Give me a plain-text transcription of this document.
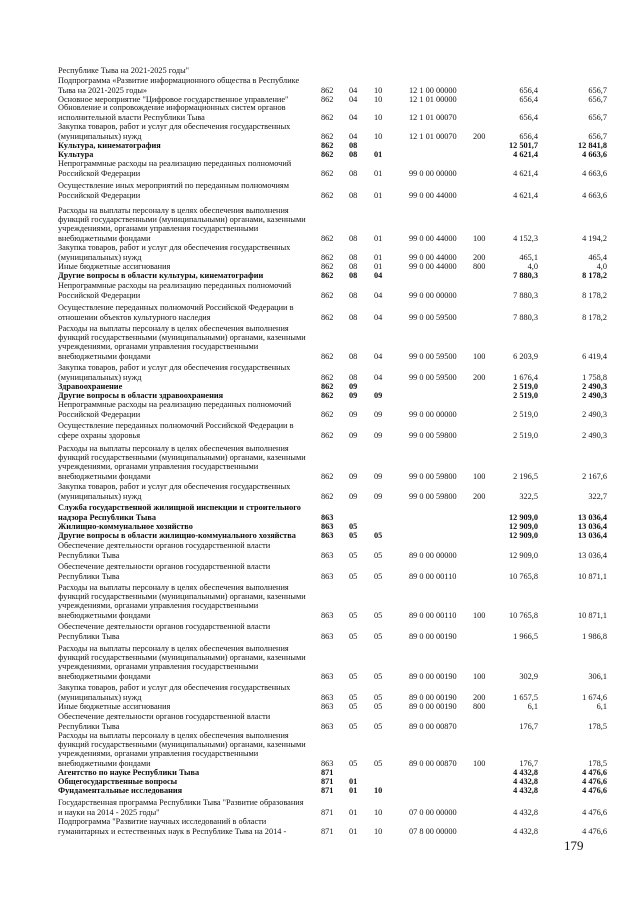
Республике Тыва на 2021-2025 годы"
Подпрограмма «Развитие информационного общества в Республике Тыва на 2021-2025 годы»	862 04 10	12 1 00 00000	656,4	656,7
Основное мероприятие "Цифровое государственное управление"	862 04 10	12 1 01 00000	656,4	656,7
Обновление и сопровождение информационных систем органов исполнительной власти Республики Тыва	862 04 10	12 1 01 00070	656,4	656,7
Закупка товаров, работ и услуг для обеспечения государственных (муниципальных) нужд	862 04 10	12 1 01 00070 200	656,4	656,7
Культура, кинематография	862 08	12 501,7	12 841,8
Культура	862 08 01	4 621,4	4 663,6
Непрограммные расходы на реализацию переданных полномочий Российской Федерации	862 08 01	99 0 00 00000	4 621,4	4 663,6
Осуществление иных мероприятий по переданным полномочиям Российской Федерации	862 08 01	99 0 00 44000	4 621,4	4 663,6
Расходы на выплаты персоналу в целях обеспечения выполнения функций государственными (муниципальными) органами, казенными учреждениями, органами управления государственными внебюджетными фондами	862 08 01	99 0 00 44000 100	4 152,3	4 194,2
Закупка товаров, работ и услуг для обеспечения государственных (муниципальных) нужд	862 08 01	99 0 00 44000 200	465,1	465,4
Иные бюджетные ассигнования	862 08 01	99 0 00 44000 800	4,0	4,0
Другие вопросы в области культуры, кинематографии	862 08 04	7 880,3	8 178,2
Непрограммные расходы на реализацию переданных полномочий Российской Федерации	862 08 04	99 0 00 00000	7 880,3	8 178,2
Осуществление переданных полномочий Российской Федерации в отношении объектов культурного наследия	862 08 04	99 0 00 59500	7 880,3	8 178,2
Расходы на выплаты персоналу в целях обеспечения выполнения функций государственными (муниципальными) органами, казенными учреждениями, органами управления государственными внебюджетными фондами	862 08 04	99 0 00 59500 100	6 203,9	6 419,4
Закупка товаров, работ и услуг для обеспечения государственных (муниципальных) нужд	862 08 04	99 0 00 59500 200	1 676,4	1 758,8
Здравоохранение	862 09	2 519,0	2 490,3
Другие вопросы в области здравоохранения	862 09 09	2 519,0	2 490,3
Непрограммные расходы на реализацию переданных полномочий Российской Федерации	862 09 09	99 0 00 00000	2 519,0	2 490,3
Осуществление переданных полномочий Российской Федерации в сфере охраны здоровья	862 09 09	99 0 00 59800	2 519,0	2 490,3
Расходы на выплаты персоналу в целях обеспечения выполнения функций государственными (муниципальными) органами, казенными учреждениями, органами управления государственными внебюджетными фондами	862 09 09	99 0 00 59800 100	2 196,5	2 167,6
Закупка товаров, работ и услуг для обеспечения государственных (муниципальных) нужд	862 09 09	99 0 00 59800 200	322,5	322,7
Служба государственной жилищной инспекции и строительного надзора Республики Тыва	863	12 909,0	13 036,4
Жилищно-коммунальное хозяйство	863 05	12 909,0	13 036,4
Другие вопросы в области жилищно-коммунального хозяйства	863 05 05	12 909,0	13 036,4
Обеспечение деятельности органов государственной власти Республики Тыва	863 05 05	89 0 00 00000	12 909,0	13 036,4
Обеспечение деятельности органов государственной власти Республики Тыва	863 05 05	89 0 00 00110	10 765,8	10 871,1
Расходы на выплаты персоналу в целях обеспечения выполнения функций государственными (муниципальными) органами, казенными учреждениями, органами управления государственными внебюджетными фондами	863 05 05	89 0 00 00110 100	10 765,8	10 871,1
Обеспечение деятельности органов государственной власти Республики Тыва	863 05 05	89 0 00 00190	1 966,5	1 986,8
Расходы на выплаты персоналу в целях обеспечения выполнения функций государственными (муниципальными) органами, казенными учреждениями, органами управления государственными внебюджетными фондами	863 05 05	89 0 00 00190 100	302,9	306,1
Закупка товаров, работ и услуг для обеспечения государственных (муниципальных) нужд	863 05 05	89 0 00 00190 200	1 657,5	1 674,6
Иные бюджетные ассигнования	863 05 05	89 0 00 00190 800	6,1	6,1
Обеспечение деятельности органов государственной власти Республики Тыва	863 05 05	89 0 00 00870	176,7	178,5
Расходы на выплаты персоналу в целях обеспечения выполнения функций государственными (муниципальными) органами, казенными учреждениями, органами управления государственными внебюджетными фондами	863 05 05	89 0 00 00870 100	176,7	178,5
Агентство по науке Республики Тыва	871	4 432,8	4 476,6
Общегосударственные вопросы	871 01	4 432,8	4 476,6
Фундаментальные исследования	871 01 10	4 432,8	4 476,6
Государственная программа Республики Тыва "Развитие образования и науки на 2014 - 2025 годы"	871 01 10	07 0 00 00000	4 432,8	4 476,6
Подпрограмма "Развитие научных исследований в области гуманитарных и естественных наук в Республике Тыва на 2014 -	871 01 10	07 8 00 00000	4 432,8	4 476,6
179
